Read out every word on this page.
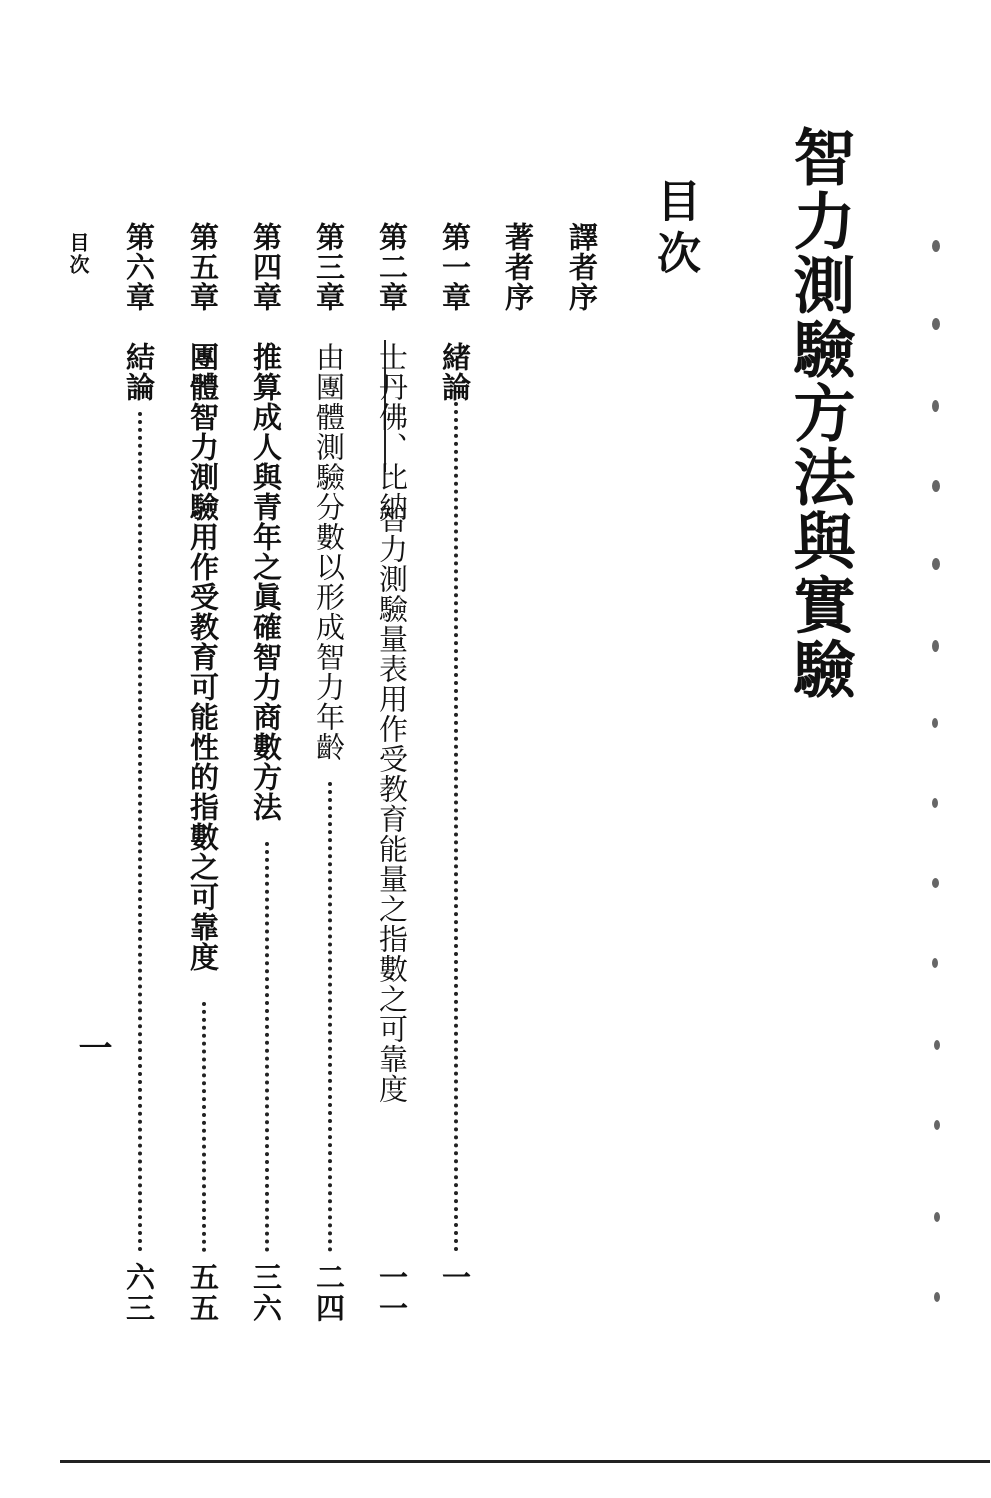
智力測驗方法與實驗
目次
譯者序
著者序
第一章
緒論
一
第二章
士丹佛、比納
智力測驗量表用作受教育能量之指數之可靠度
一一
第三章
由團體測驗分數以形成智力年齡
二四
第四章
推算成人與青年之眞確智力商數方法
三六
第五章
團體智力測驗用作受教育可能性的指數之可靠度
五五
第六章
結論
六三
目次
一
